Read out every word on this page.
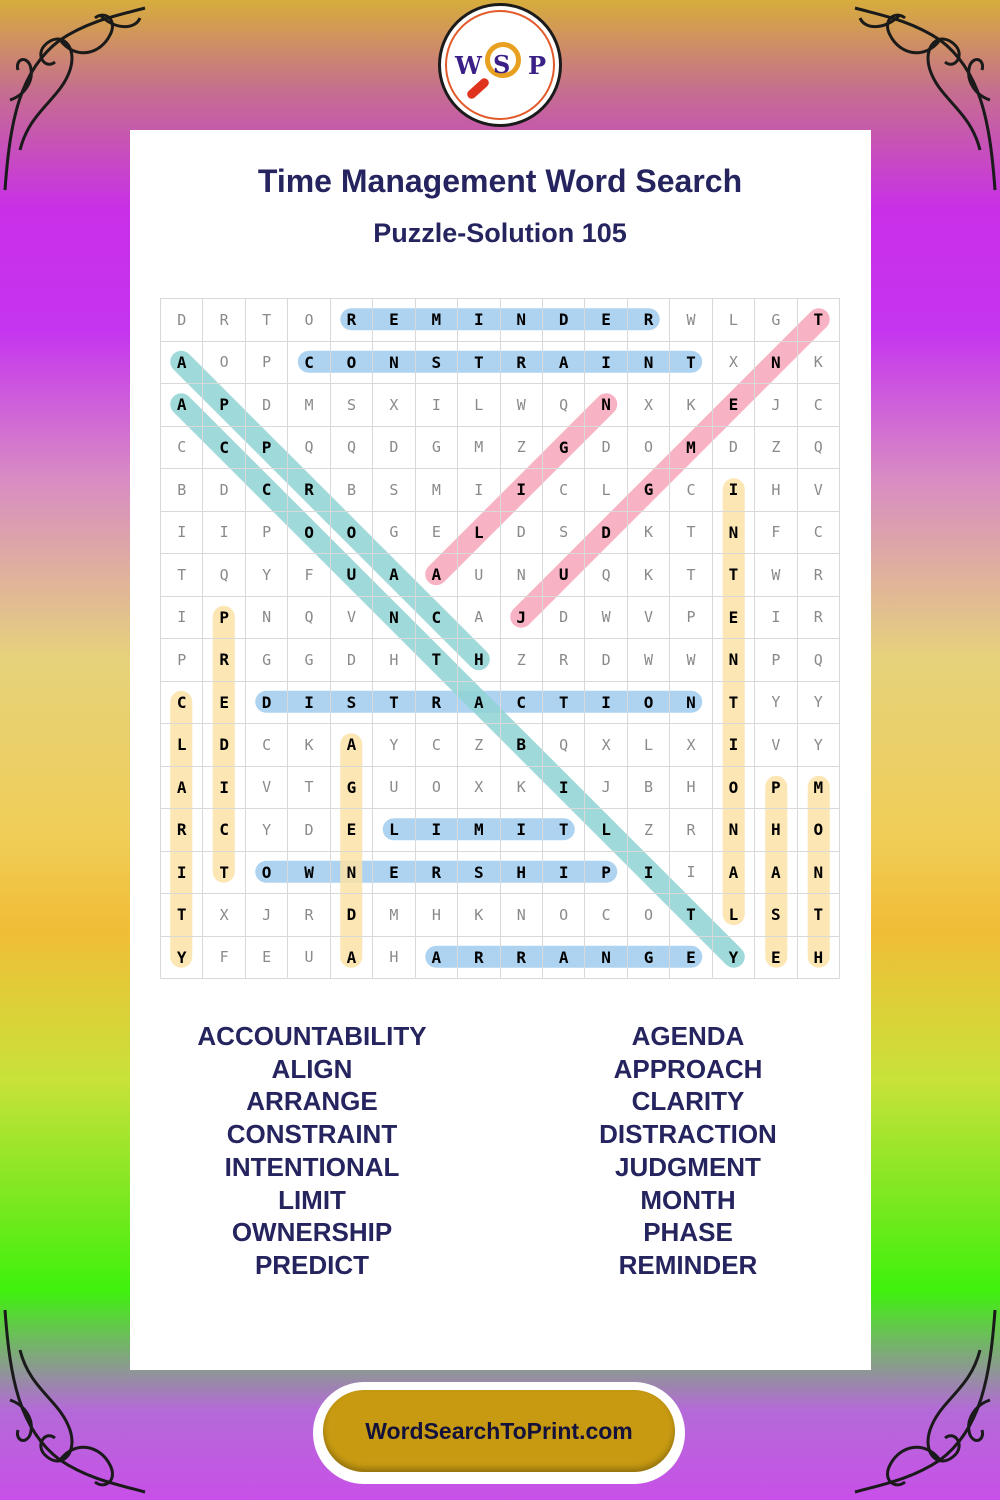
W S P
Time Management Word Search
Puzzle-Solution 105
D	R	T	O	R	E	M	I	N	D	E	R	W	L	G	T
A	O	P	C	O	N	S	T	R	A	I	N	T	X	N	K
A	P	D	M	S	X	I	L	W	Q	N	X	K	E	J	C
C	C	P	Q	Q	D	G	M	Z	G	D	O	M	D	Z	Q
B	D	C	R	B	S	M	I	I	C	L	G	C	I	H	V
I	I	P	O	O	G	E	L	D	S	D	K	T	N	F	C
T	Q	Y	F	U	A	A	U	N	U	Q	K	T	T	W	R
I	P	N	Q	V	N	C	A	J	D	W	V	P	E	I	R
P	R	G	G	D	H	T	H	Z	R	D	W	W	N	P	Q
C	E	D	I	S	T	R	A	C	T	I	O	N	T	Y	Y
L	D	C	K	A	Y	C	Z	B	Q	X	L	X	I	V	Y
A	I	V	T	G	U	O	X	K	I	J	B	H	O	P	M
R	C	Y	D	E	L	I	M	I	T	L	Z	R	N	H	O
I	T	O	W	N	E	R	S	H	I	P	I	I	A	A	N
T	X	J	R	D	M	H	K	N	O	C	O	T	L	S	T
Y	F	E	U	A	H	A	R	R	A	N	G	E	Y	E	H
ACCOUNTABILITY
ALIGN
ARRANGE
CONSTRAINT
INTENTIONAL
LIMIT
OWNERSHIP
PREDICT
AGENDA
APPROACH
CLARITY
DISTRACTION
JUDGMENT
MONTH
PHASE
REMINDER
WordSearchToPrint.com
